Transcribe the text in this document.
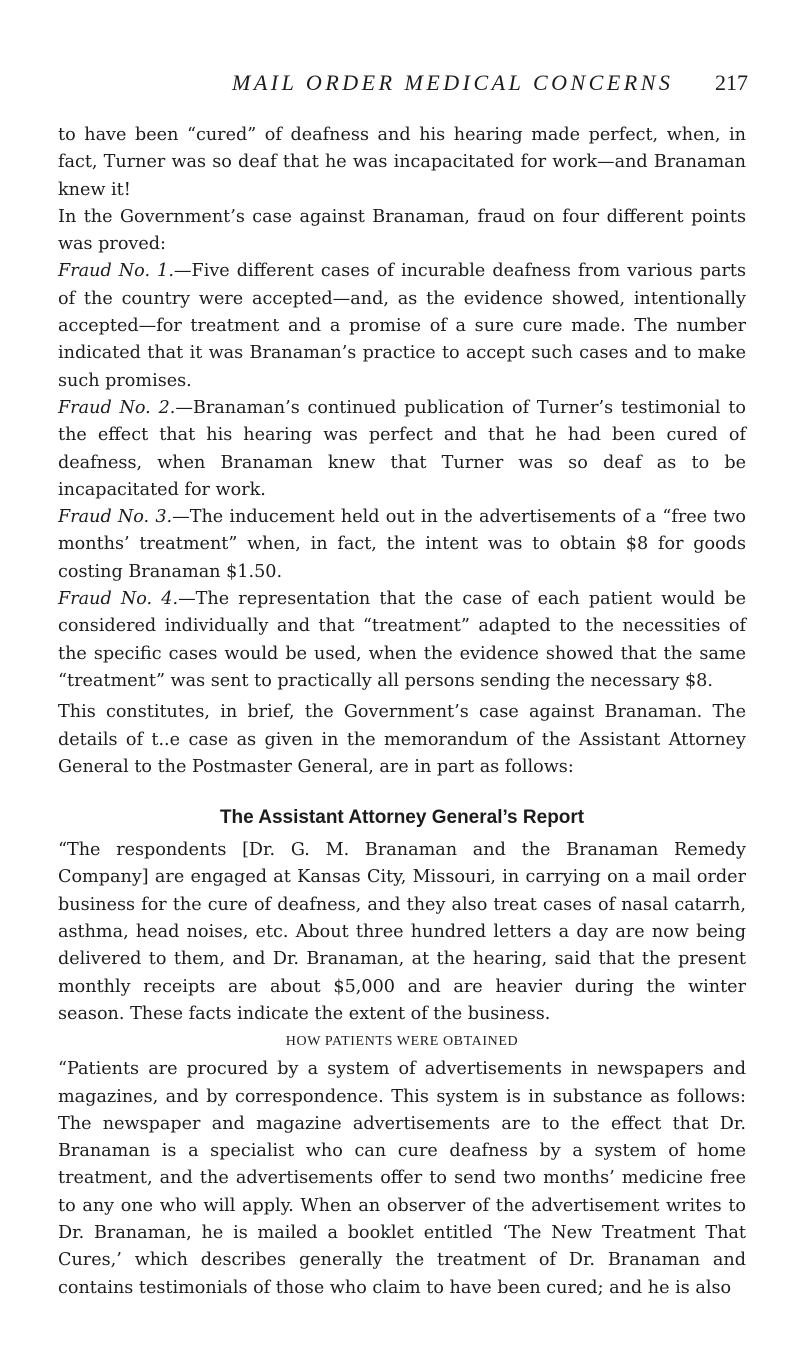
MAIL ORDER MEDICAL CONCERNS 217

to have been “cured” of deafness and his hearing made perfect, when, in fact, Turner was so deaf that he was incapacitated for work—and Branaman knew it!

In the Government’s case against Branaman, fraud on four different points was proved:

Fraud No. 1.—Five different cases of incurable deafness from various parts of the country were accepted—and, as the evidence showed, intentionally accepted—for treatment and a promise of a sure cure made. The number indicated that it was Branaman’s practice to accept such cases and to make such promises.

Fraud No. 2.—Branaman’s continued publication of Turner’s testimonial to the effect that his hearing was perfect and that he had been cured of deafness, when Branaman knew that Turner was so deaf as to be incapacitated for work.

Fraud No. 3.—The inducement held out in the advertisements of a “free two months’ treatment” when, in fact, the intent was to obtain $8 for goods costing Branaman $1.50.

Fraud No. 4.—The representation that the case of each patient would be considered individually and that “treatment” adapted to the necessities of the specific cases would be used, when the evidence showed that the same “treatment” was sent to practically all persons sending the necessary $8.

This constitutes, in brief, the Government’s case against Branaman. The details of t..e case as given in the memorandum of the Assistant Attorney General to the Postmaster General, are in part as follows:

The Assistant Attorney General’s Report

“The respondents [Dr. G. M. Branaman and the Branaman Remedy Company] are engaged at Kansas City, Missouri, in carrying on a mail order business for the cure of deafness, and they also treat cases of nasal catarrh, asthma, head noises, etc. About three hundred letters a day are now being delivered to them, and Dr. Branaman, at the hearing, said that the present monthly receipts are about $5,000 and are heavier during the winter season. These facts indicate the extent of the business.

HOW PATIENTS WERE OBTAINED

“Patients are procured by a system of advertisements in newspapers and magazines, and by correspondence. This system is in substance as follows: The newspaper and magazine advertisements are to the effect that Dr. Branaman is a specialist who can cure deafness by a system of home treatment, and the advertisements offer to send two months’ medicine free to any one who will apply. When an observer of the advertisement writes to Dr. Branaman, he is mailed a booklet entitled ‘The New Treatment That Cures,’ which describes generally the treatment of Dr. Branaman and contains testimonials of those who claim to have been cured; and he is also
